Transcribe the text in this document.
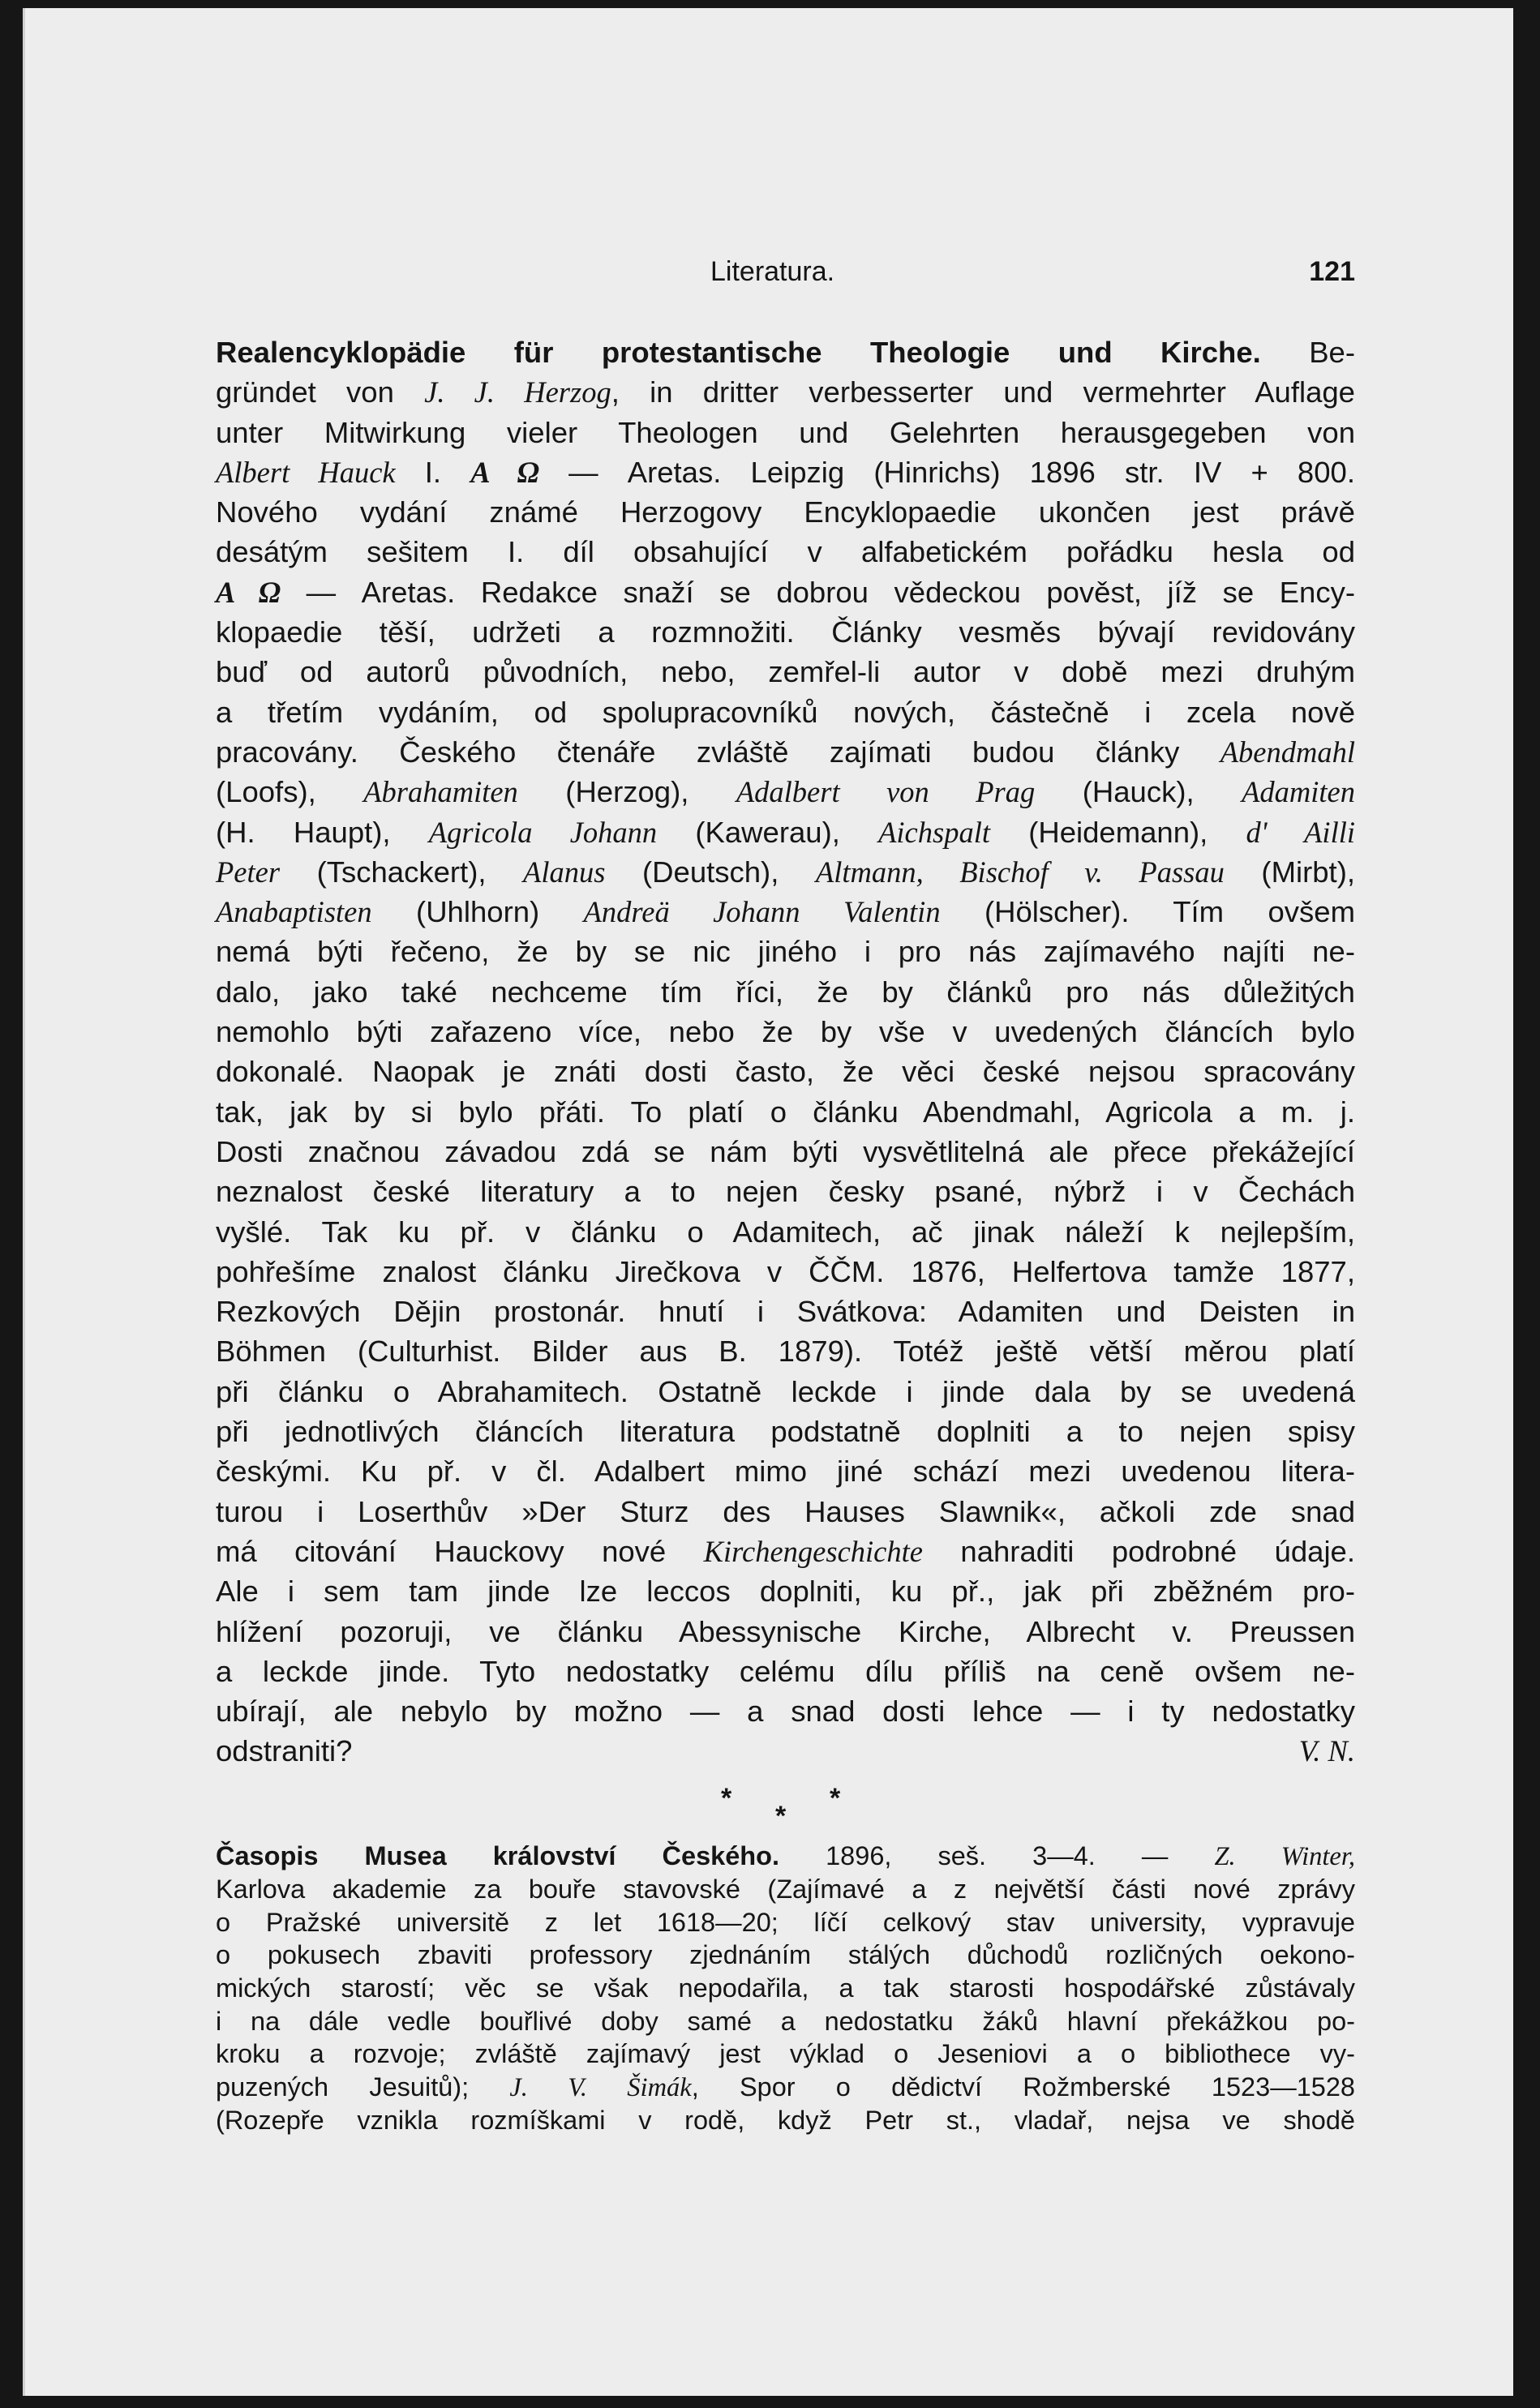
Literatura.	121
Realencyklopädie für protestantische Theologie und Kirche. Be-
gründet von J. J. Herzog, in dritter verbesserter und vermehrter Auflage
unter Mitwirkung vieler Theologen und Gelehrten herausgegeben von
Albert Hauck I. A Ω — Aretas. Leipzig (Hinrichs) 1896 str. IV + 800.
Nového vydání známé Herzogovy Encyklopaedie ukončen jest právě
desátým sešitem I. díl obsahující v alfabetickém pořádku hesla od
A Ω — Aretas. Redakce snaží se dobrou vědeckou pověst, jíž se Ency-
klopaedie těší, udržeti a rozmnožiti. Články vesměs bývají revidovány
buď od autorů původních, nebo, zemřel-li autor v době mezi druhým
a třetím vydáním, od spolupracovníků nových, částečně i zcela nově
pracovány. Českého čtenáře zvláště zajímati budou články Abendmahl
(Loofs), Abrahamiten (Herzog), Adalbert von Prag (Hauck), Adamiten
(H. Haupt), Agricola Johann (Kawerau), Aichspalt (Heidemann), d' Ailli
Peter (Tschackert), Alanus (Deutsch), Altmann, Bischof v. Passau (Mirbt),
Anabaptisten (Uhlhorn) Andreä Johann Valentin (Hölscher). Tím ovšem
nemá býti řečeno, že by se nic jiného i pro nás zajímavého najíti ne-
dalo, jako také nechceme tím říci, že by článků pro nás důležitých
nemohlo býti zařazeno více, nebo že by vše v uvedených článcích bylo
dokonalé. Naopak je znáti dosti často, že věci české nejsou spracovány
tak, jak by si bylo přáti. To platí o článku Abendmahl, Agricola a m. j.
Dosti značnou závadou zdá se nám býti vysvětlitelná ale přece překážející
neznalost české literatury a to nejen česky psané, nýbrž i v Čechách
vyšlé. Tak ku př. v článku o Adamitech, ač jinak náleží k nejlepším,
pohřešíme znalost článku Jirečkova v ČČM. 1876, Helfertova tamže 1877,
Rezkových Dějin prostonár. hnutí i Svátkova: Adamiten und Deisten in
Böhmen (Culturhist. Bilder aus B. 1879). Totéž ještě větší měrou platí
při článku o Abrahamitech. Ostatně leckde i jinde dala by se uvedená
při jednotlivých článcích literatura podstatně doplniti a to nejen spisy
českými. Ku př. v čl. Adalbert mimo jiné schází mezi uvedenou litera-
turou i Loserthův »Der Sturz des Hauses Slawnik«, ačkoli zde snad
má citování Hauckovy nové Kirchengeschichte nahraditi podrobné údaje.
Ale i sem tam jinde lze leccos doplniti, ku př., jak při zběžném pro-
hlížení pozoruji, ve článku Abessynische Kirche, Albrecht v. Preussen
a leckde jinde. Tyto nedostatky celému dílu příliš na ceně ovšem ne-
ubírají, ale nebylo by možno — a snad dosti lehce — i ty nedostatky
odstraniti?	V. N.
*
*
*
Časopis Musea království Českého. 1896, seš. 3—4. — Z. Winter,
Karlova akademie za bouře stavovské (Zajímavé a z největší části nové zprávy
o Pražské universitě z let 1618—20; líčí celkový stav university, vypravuje
o pokusech zbaviti professory zjednáním stálých důchodů rozličných oekono-
mických starostí; věc se však nepodařila, a tak starosti hospodářské zůstávaly
i na dále vedle bouřlivé doby samé a nedostatku žáků hlavní překážkou po-
kroku a rozvoje; zvláště zajímavý jest výklad o Jeseniovi a o bibliothece vy-
puzených Jesuitů); J. V. Šimák, Spor o dědictví Rožmberské 1523—1528
(Rozepře vznikla rozmíškami v rodě, když Petr st., vladař, nejsa ve shodě
